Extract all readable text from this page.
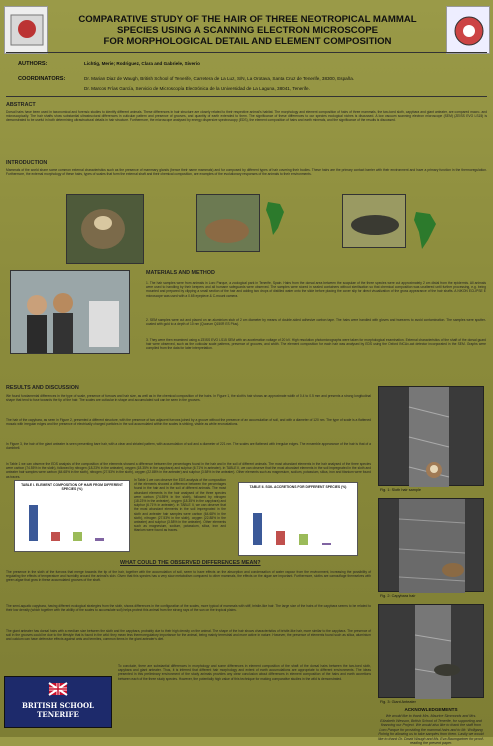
COMPARATIVE STUDY OF THE HAIR OF THREE NEOTROPICAL MAMMAL
SPECIES USING A SCANNING ELECTRON MICROSCOPE
FOR MORPHOLOGICAL DETAIL AND ELEMENT COMPOSITION
AUTHORS:	Lichtig, Merie; Rodriguez, Clara and Gabriele, Siverio
COORDINATORS:	Dr. Marian Diaz de Waugh, British School of Tenerife, Carretera de La Luz, S/N, La Orotava, Santa Cruz de Tenerife, 38300, España.
Dr. Marcos Frías García, Servicio de Microscopía Electrónica de la Universidad de La Laguna, 38041, Tenerife.
ABSTRACT
Dorsal hairs have been used in taxonomical and forensic studies to identify different animals. These differences in hair structure are closely related to their respective animal's habitat. The morphology and element composition of hairs of three mammals, the two-toed sloth, capybara and giant anteater, are compared macro- and microscopically. The hair shafts show substantial ultrastructural differences in cuticular pattern and presence of grooves, and quantity of earth extended to them. The significance of these differences to our species ecological niches is discussed. A low vacuum scanning electron microscope (SEM) (ZEISS EVO LS15) is demonstrated to be useful in both determining ultrastructural details in hair structure. Furthermore, the microscope analysed by energy dispersive spectroscopy (EDS), the element composition of hairs and earth minerals, and the significance of the results is discussed.
INTRODUCTION
Mammals of the world share some common external characteristics such as the presence of mammary glands (hence their name mammals) and fur composed by different types of hair covering their bodies. These hairs are the primary contact barrier with their environment and have a primary function in the thermoregulation. Furthermore, the external morphology of these hairs, types of scales that form the external shaft and their chemical composition, are examples of the evolutionary responses of the animals to their environments.
MATERIALS AND METHOD
1. The hair samples were from animals in Loro Parque, a zoological park in Tenerife, Spain. Hairs from the dorsal area between the scapulae of the three species were cut approximately 2 cm distal from the epidermis. All animals were used to handling by their keepers and all humane safeguards were observed. The samples were stored in sealed containers without sterilisation so that chemical composition was unaltered until further processing, e.g. being mounted and prepared by clipping a small section of the hair and adding two drops of distilled water onto the slide before placing the cover slip for direct visualization of the gross appearance of the hair shafts. A NIKON ECLIPSE E microscope was used with a 0.65 eyepiece & C-mount camera.
2. SEM samples were cut and placed on an aluminium stub of 2 cm diameter by means of double-sided adhesive carbon tape. The hairs were handled with gloves and tweezers to avoid contamination. The samples were sputter-coated with gold to a depth of 10 nm (Quorum Q150R ES Plus).
3. They were then examined using a ZEISS EVO LS15 SEM with an acceleration voltage of 20 kV. High resolution photomicrographs were taken for morphological examination. External characteristics of the shaft of the dorsal guard hair were observed, such as the cuticular scale patterns, presence of grooves, and width. The element composition for each hair was analysed by EDS using the Oxford INCAx-act detector incorporated in the SEM. Graphs were compiled from the data for later interpretation.
RESULTS AND DISCUSSION
We found fundamental differences in the type of scale, presence of furrows and hair size, as well as in the chemical composition of the hairs. In Figure 1, the sloth's hair shows an approximate width of 0.4 to 0.5 mm and presents a strong longitudinal shape that tend to fuse towards the tip of the hair. The scales are cuticular in shape and accumulated soil can be seen in the grooves.
The hair of the capybara, as seen in Figure 2, presented a different structure, with the presence of two adjacent furrows joined by a groove without the presence of an accumulation of soil, and with a diameter of 120 nm. The type of scale is a flattened mosaic with irregular edges and the presence of electrically charged particles in the soil accumulated within the scales is striking, visible as white encrustations.
In Figure 3, the hair of the giant anteater is seen presenting bare hair, with a clear and striated pattern, with accumulation of soil and a diameter of 221 nm. The scales are flattened with irregular edges. The ensemble appearance of the hair is that of a dumbbell.
In Table 1 we can observe the EDS analysis of the composition of the elements showed a difference between the percentages found in the hair and in the soil of different animals. The most abundant elements in the hair analysed of the three species were carbon (74.55% in the sloth), followed by nitrogen (18.23% in the anteater), oxygen (18.35% in the capybara) and sulphur (6.71% in anteater). In TABLE II, we can observe that the most abundant elements in the soil impregnated in the sloth and anteater hair samples were carbon (64.68% in the sloth), nitrogen (27.53% in the sloth), oxygen (22.88% in the anteater) and sulphur (3.58% in the anteater). Other elements such as magnesium, sodium, potassium, silica, iron and titanium were found as traces.
TABLE I. ELEMENT COMPOSITION OF HAIR FROM DIFFERENT SPECIES (%)
In Table 1 we can observe the EDS analysis of the composition of the elements showed a difference between the percentages found in the hair and in the soil of different animals. The most abundant elements in the hair analysed of the three species were carbon (74.55% in the sloth), followed by nitrogen (18.23% in the anteater), oxygen (18.35% in the capybara) and sulphur (6.71% in anteater). In TABLE II, we can observe that the most abundant elements in the soil impregnated in the sloth and anteater hair samples were carbon (64.68% in the sloth), nitrogen (27.53% in the sloth), oxygen (22.88% in the anteater) and sulphur (3.58% in the anteater). Other elements such as magnesium, sodium, potassium, silica, iron and titanium were found as traces.
TABLE II. SOIL ACCRETIONS FOR DIFFERENT SPECIES (%)
WHAT COULD THE OBSERVED DIFFERENCES MEAN?
The presence in the sloth of the furrows that merge towards the tip of the hair, together with the accumulation of soil, seem to have effects on the absorption and condensation of water vapour from the environment, increasing the possibility of regulating the effects of temperature and humidity around the animal's skin. Given that this species has a very slow metabolism compared to other mammals, the effects on the algae are important. Furthermore, sloths are camouflage themselves with green algae that grow in these accumulated grooves of the shaft.
The semi-aquatic capybara, having different ecological strategies from the sloth, shows differences in the configuration of the scales, more typical of mammals with stiff, bristle-like hair. The large size of the hairs of the capybara seems to be related to their low density (which together with the ability of the scales to accumulate soil) helps protect this animal from the strong rays of the sun on the tropical plains.
The giant anteater has dorsal hairs with a medium size between the sloth and the capybara, probably due to their high density on the animal. The shape of the hair shows characteristics of bristle-like hair, more similar to the capybara. The presence of soil in the grooves could be due to the lifestyle that is found in the wild: they mean less thermoregulatory importance for the animal, being mainly terrestrial and more active in nature. However, the presence of elements found such as silica, aluminium and calcium can have defensive effects against ants and termites, common items in the giant anteater's diet.
To conclude, there are substantial differences in morphology and some differences in element composition of the shaft of the dorsal hairs between the two-toed sloth, capybara and giant anteater. Thus, it is inferred that different hair morphology and extent of earth accumulations are appropriate to different environments. The ideas presented in this preliminary environment of the study animals provides any clear conclusion about differences in element composition of the hairs and earth accretions between each of the three study species. However, the potentially high value of this technique for making comparative studies in the wild is demonstrated.
Fig. 1: Sloth hair sample
Fig. 2: Capybara hair
Fig. 3: Giant Anteater
ACKNOWLEDGEMENTS
We would like to thank Mrs. Maurice Simmonds and Mrs. Elizabeth Wesson, British School of Tenerife, for supporting and financing our Project. We would also like to thank the staff from Loro Parque for providing the mammal hairs and to Mr. Wolfgang Rohrig for allowing us to take samples from them. Lastly we would like to thank Dr. David Waugh and Ms. Eva Baumgartner for proof-reading the present paper.
BRITISH SCHOOL
TENERIFE
